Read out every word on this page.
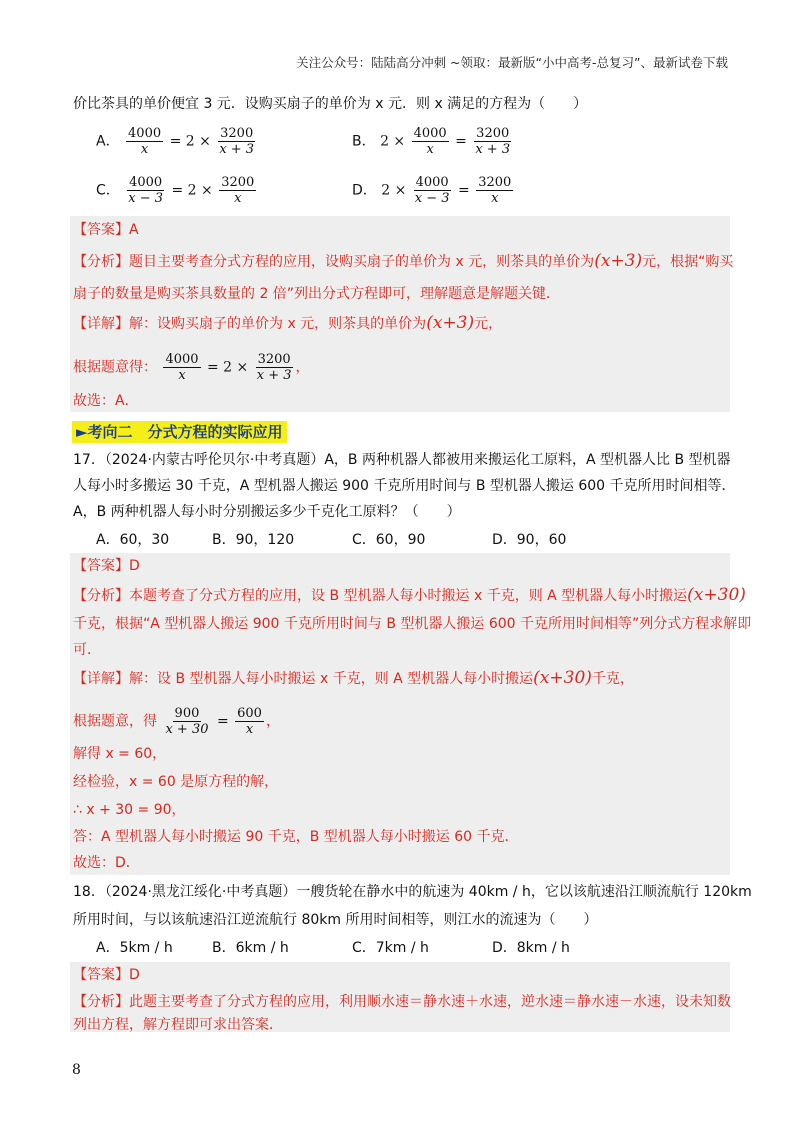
关注公众号：陆陆高分冲刺 ~领取：最新版“小中高考-总复习”、最新试卷下载
价比茶具的单价便宜 3 元．设购买扇子的单价为 x 元．则 x 满足的方程为（　　）
A． $\frac{4000}{x} = 2 \times \frac{3200}{x + 3}$	B． $2 \times \frac{4000}{x} = \frac{3200}{x + 3}$
C． $\frac{4000}{x - 3} = 2 \times \frac{3200}{x}$	D． $2 \times \frac{4000}{x - 3} = \frac{3200}{x}$
【答案】A
【分析】题目主要考查分式方程的应用，设购买扇子的单价为 x 元，则茶具的单价为(x+3)元，根据“购买
扇子的数量是购买茶具数量的 2 倍”列出分式方程即可，理解题意是解题关键．
【详解】解：设购买扇子的单价为 x 元，则茶具的单价为(x+3)元，
根据题意得： $\frac{4000}{x} = 2 \times \frac{3200}{x + 3}$ ，
故选：A．
►考向二　分式方程的实际应用
17．（2024·内蒙古呼伦贝尔·中考真题）A，B 两种机器人都被用来搬运化工原料，A 型机器人比 B 型机器
人每小时多搬运 30 千克，A 型机器人搬运 900 千克所用时间与 B 型机器人搬运 600 千克所用时间相等．
A，B 两种机器人每小时分别搬运多少千克化工原料？（　　）
A．60，30	B．90，120	C．60，90	D．90，60
【答案】D
【分析】本题考查了分式方程的应用，设 B 型机器人每小时搬运 x 千克，则 A 型机器人每小时搬运(x+30)
千克，根据“A 型机器人搬运 900 千克所用时间与 B 型机器人搬运 600 千克所用时间相等”列分式方程求解即
可．
【详解】解：设 B 型机器人每小时搬运 x 千克，则 A 型机器人每小时搬运(x+30)千克，
根据题意，得 $\frac{900}{x + 30} = \frac{600}{x}$ ，
解得 x = 60，
经检验，x = 60 是原方程的解，
∴ x + 30 = 90，
答：A 型机器人每小时搬运 90 千克，B 型机器人每小时搬运 60 千克．
故选：D．
18．（2024·黑龙江绥化·中考真题）一艘货轮在静水中的航速为 40km / h，它以该航速沿江顺流航行 120km
所用时间，与以该航速沿江逆流航行 80km 所用时间相等，则江水的流速为（　　）
A．5km / h	B．6km / h	C．7km / h	D．8km / h
【答案】D
【分析】此题主要考查了分式方程的应用，利用顺水速＝静水速＋水速，逆水速＝静水速－水速，设未知数
列出方程，解方程即可求出答案．
8
